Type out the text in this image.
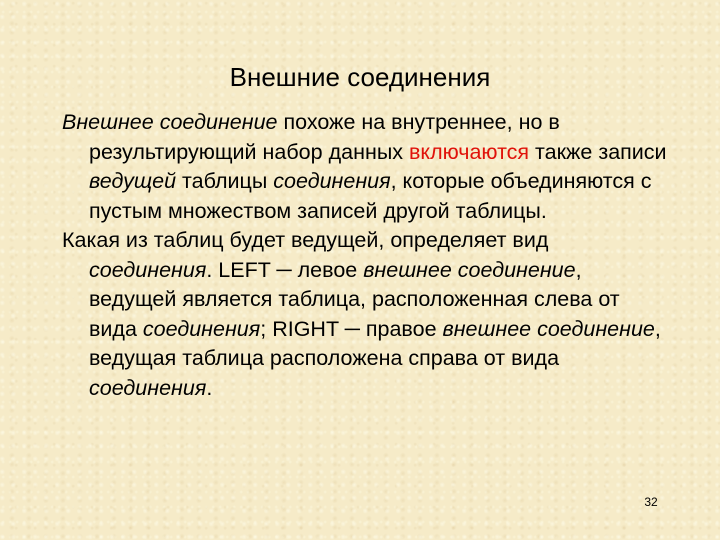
Внешние соединения

Внешнее соединение похоже на внутреннее, но в результирующий набор данных включаются также записи ведущей таблицы соединения, которые объединяются с пустым множеством записей другой таблицы.

Какая из таблиц будет ведущей, определяет вид соединения. LEFT ─ левое внешнее соединение, ведущей является таблица, расположенная слева от вида соединения; RIGHT ─ правое внешнее соединение, ведущая таблица расположена справа от вида соединения.

32
